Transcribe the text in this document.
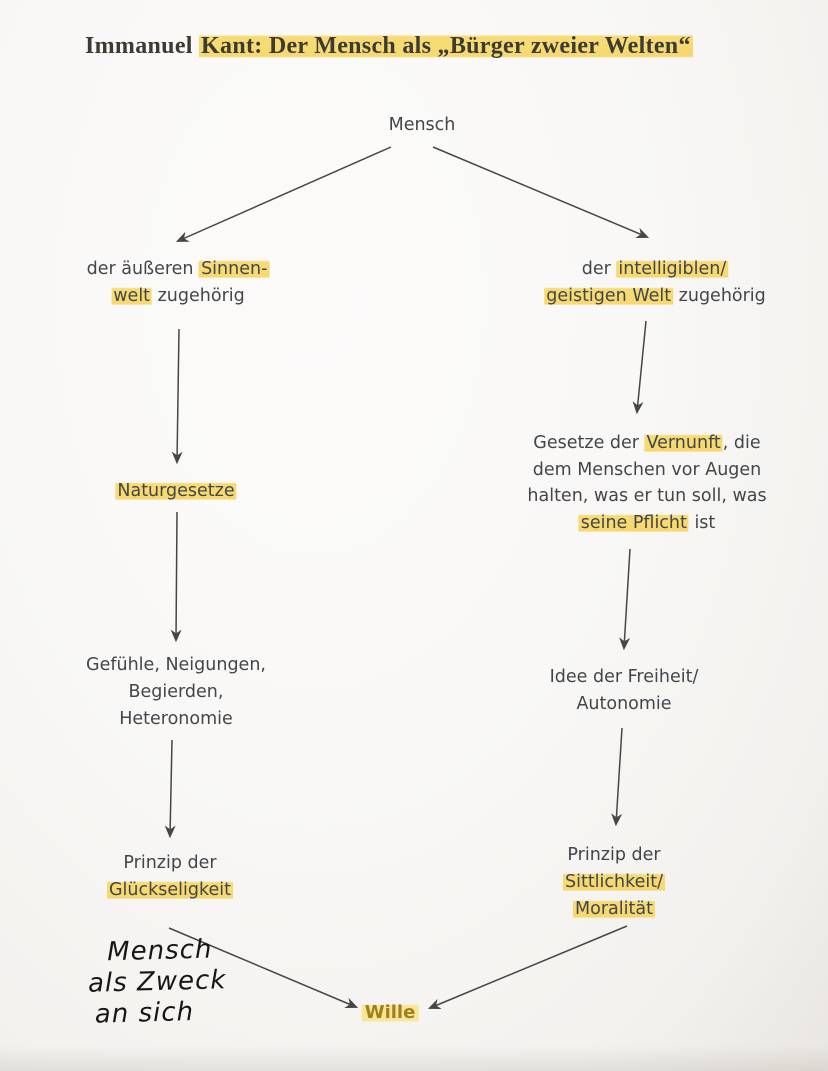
Immanuel Kant: Der Mensch als „Bürger zweier Welten“
Mensch
der äußeren Sinnen-
welt zugehörig
der intelligiblen/
geistigen Welt zugehörig
Naturgesetze
Gesetze der Vernunft , die
dem Menschen vor Augen
halten, was er tun soll, was
seine Pflicht ist
Gefühle, Neigungen,
Begierden,
Heteronomie
Idee der Freiheit/
Autonomie
Prinzip der
Glückseligkeit
Prinzip der
Sittlichkeit/
Moralität
Wille
Mensch
als Zweck
an sich
